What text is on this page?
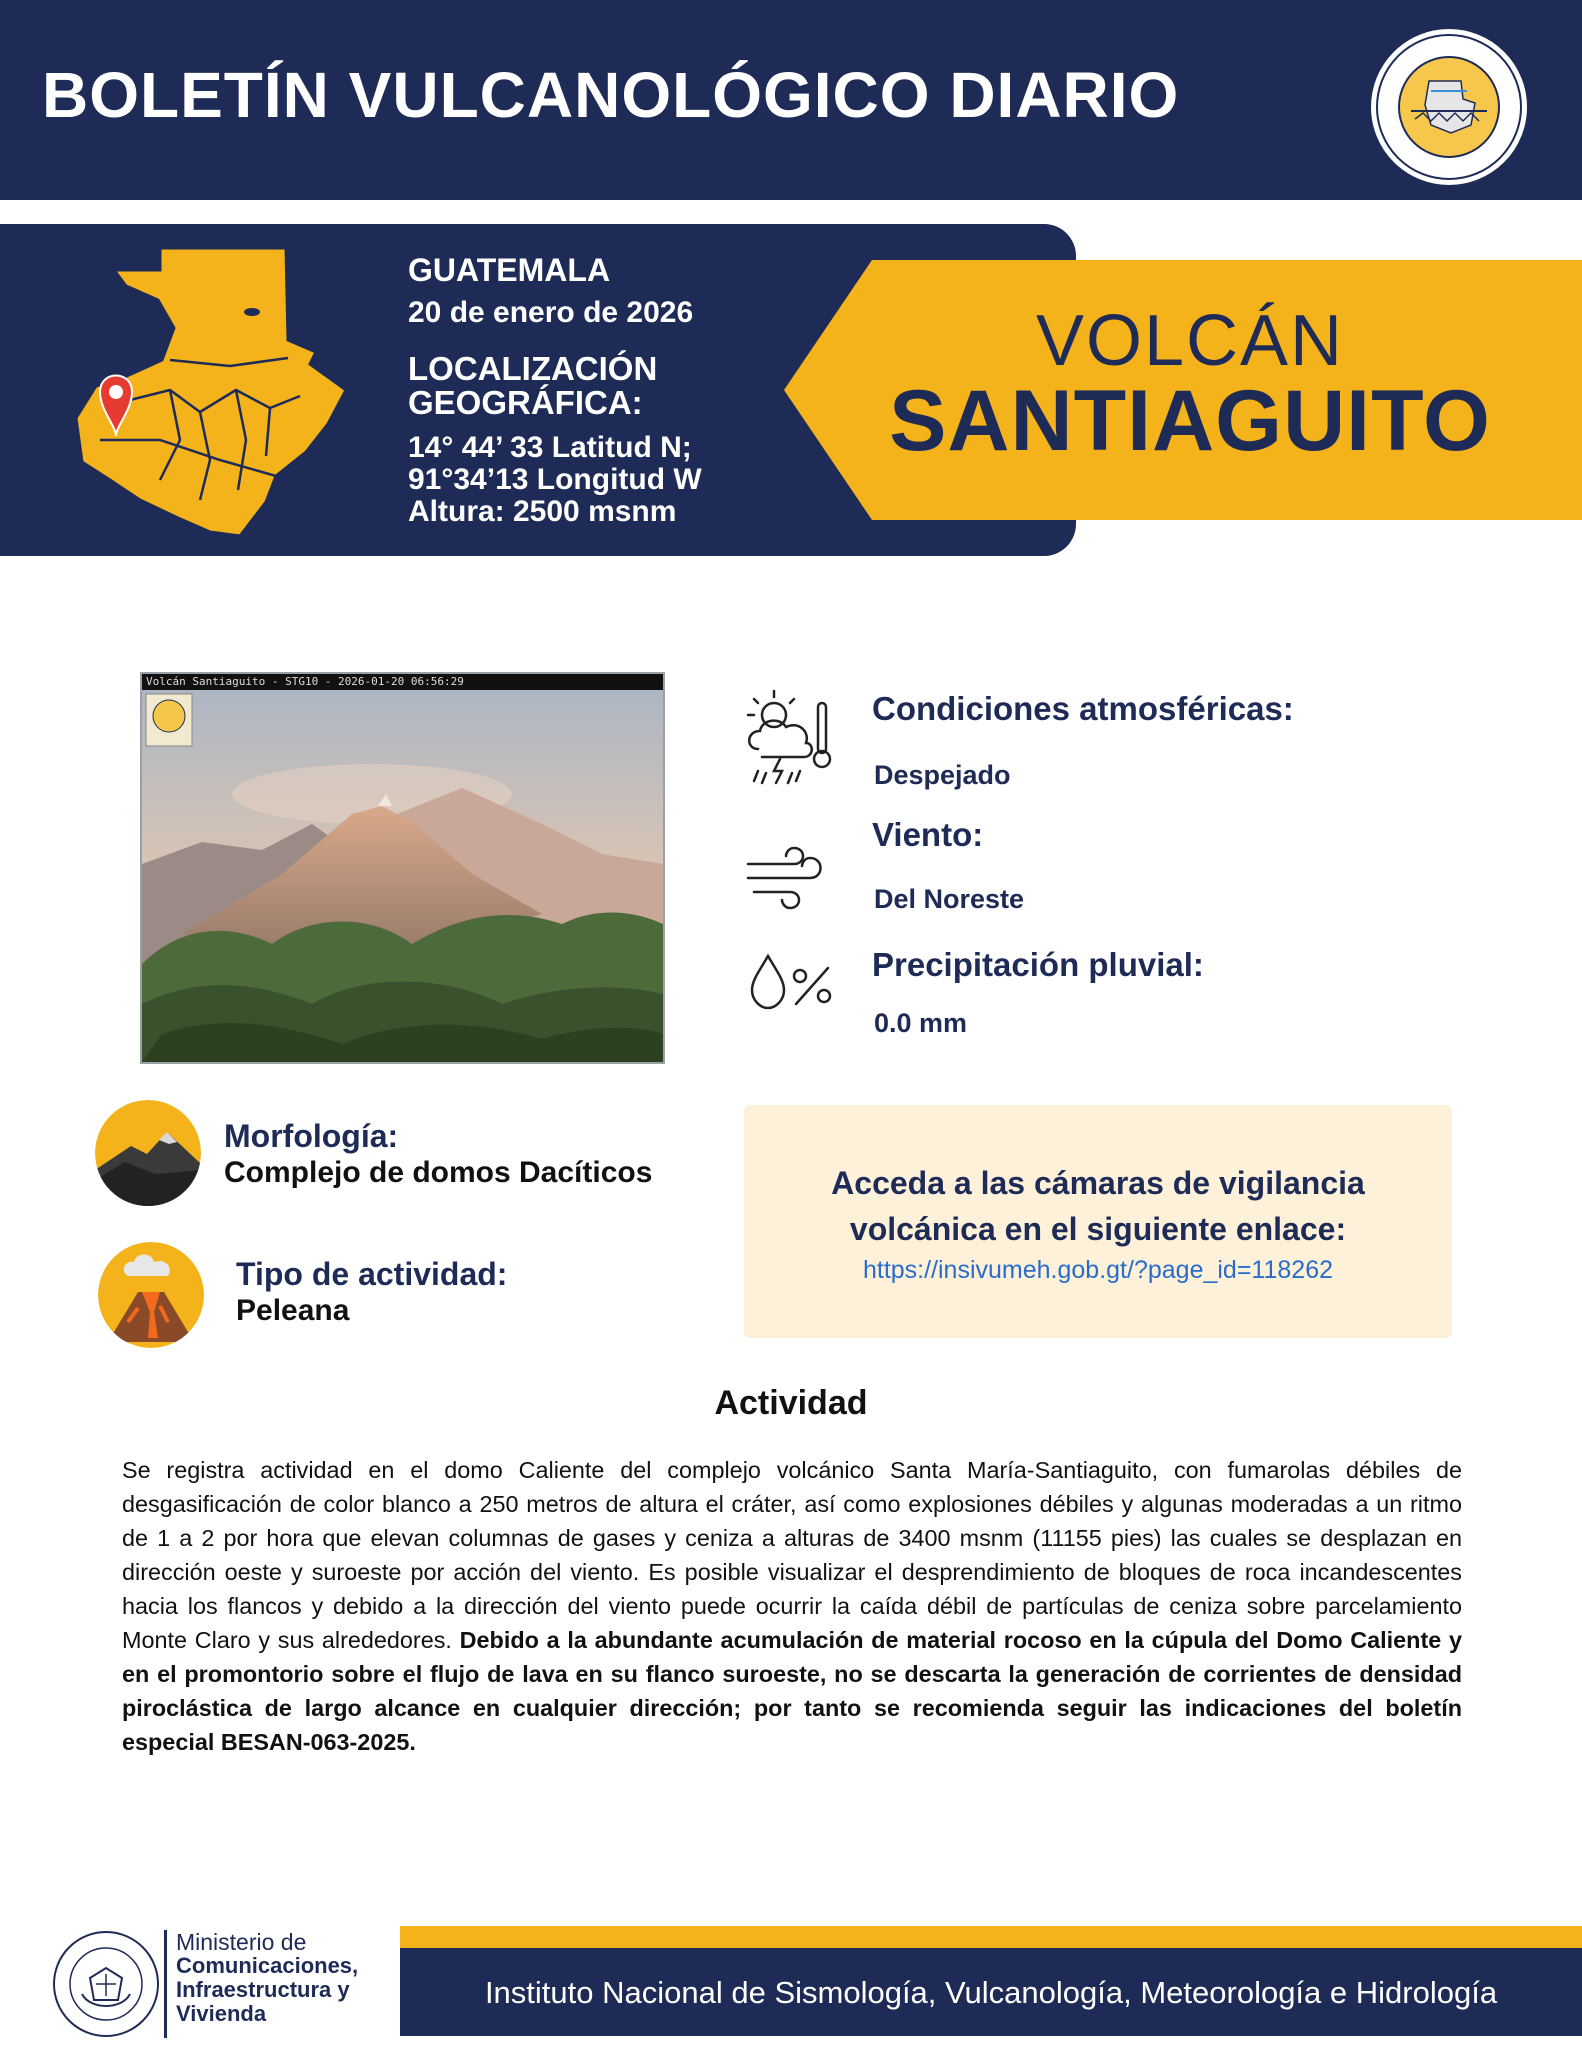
BOLETÍN VULCANOLÓGICO DIARIO
GUATEMALA
20 de enero de 2026
LOCALIZACIÓN GEOGRÁFICA:
14° 44’ 33 Latitud N;
91°34’13 Longitud W
Altura: 2500 msnm
VOLCÁN
SANTIAGUITO
Volcán Santiaguito - STG10 - 2026-01-20 06:56:29
Condiciones atmosféricas:
Despejado
Viento:
Del Noreste
Precipitación pluvial:
0.0 mm
Morfología:
Complejo de domos Dacíticos
Tipo de actividad:
Peleana
Acceda a las cámaras de vigilancia
volcánica en el siguiente enlace:
https://insivumeh.gob.gt/?page_id=118262
Actividad
Se registra actividad en el domo Caliente del complejo volcánico Santa María-Santiaguito, con fumarolas débiles de desgasificación de color blanco a 250 metros de altura el cráter, así como explosiones débiles y algunas moderadas a un ritmo de 1 a 2 por hora que elevan columnas de gases y ceniza a alturas de 3400 msnm (11155 pies) las cuales se desplazan en dirección oeste y suroeste por acción del viento. Es posible visualizar el desprendimiento de bloques de roca incandescentes hacia los flancos y debido a la dirección del viento puede ocurrir la caída débil de partículas de ceniza sobre parcelamiento Monte Claro y sus alrededores. Debido a la abundante acumulación de material rocoso en la cúpula del Domo Caliente y en el promontorio sobre el flujo de lava en su flanco suroeste, no se descarta la generación de corrientes de densidad piroclástica de largo alcance en cualquier dirección; por tanto se recomienda seguir las indicaciones del boletín especial BESAN-063-2025.
Ministerio de
Comunicaciones,
Infraestructura y
Vivienda
Instituto Nacional de Sismología, Vulcanología, Meteorología e Hidrología
